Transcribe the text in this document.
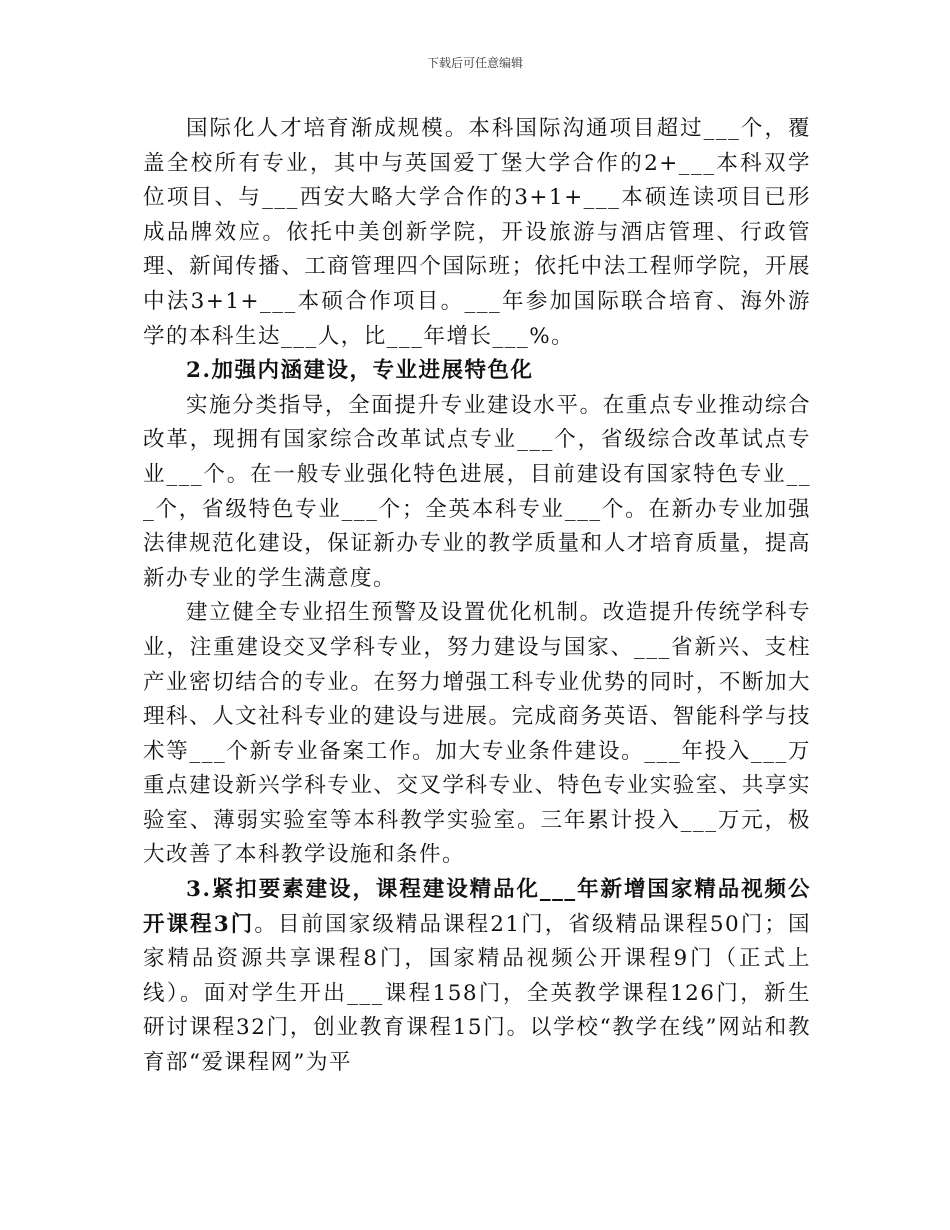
下载后可任意编辑

国际化人才培育渐成规模。本科国际沟通项目超过___个，覆盖全校所有专业，其中与英国爱丁堡大学合作的2+___本科双学位项目、与___西安大略大学合作的3+1+___本硕连读项目已形成品牌效应。依托中美创新学院，开设旅游与酒店管理、行政管理、新闻传播、工商管理四个国际班；依托中法工程师学院，开展中法3+1+___本硕合作项目。___年参加国际联合培育、海外游学的本科生达___人，比___年增长___%。

2.加强内涵建设，专业进展特色化

实施分类指导，全面提升专业建设水平。在重点专业推动综合改革，现拥有国家综合改革试点专业___个，省级综合改革试点专业___个。在一般专业强化特色进展，目前建设有国家特色专业___个，省级特色专业___个；全英本科专业___个。在新办专业加强法律规范化建设，保证新办专业的教学质量和人才培育质量，提高新办专业的学生满意度。

建立健全专业招生预警及设置优化机制。改造提升传统学科专业，注重建设交叉学科专业，努力建设与国家、___省新兴、支柱产业密切结合的专业。在努力增强工科专业优势的同时，不断加大理科、人文社科专业的建设与进展。完成商务英语、智能科学与技术等___个新专业备案工作。加大专业条件建设。___年投入___万重点建设新兴学科专业、交叉学科专业、特色专业实验室、共享实验室、薄弱实验室等本科教学实验室。三年累计投入___万元，极大改善了本科教学设施和条件。

3.紧扣要素建设，课程建设精品化___年新增国家精品视频公开课程3门。目前国家级精品课程21门，省级精品课程50门；国家精品资源共享课程8门，国家精品视频公开课程9门（正式上线）。面对学生开出___课程158门，全英教学课程126门，新生研讨课程32门，创业教育课程15门。以学校“教学在线”网站和教育部“爱课程网”为平
